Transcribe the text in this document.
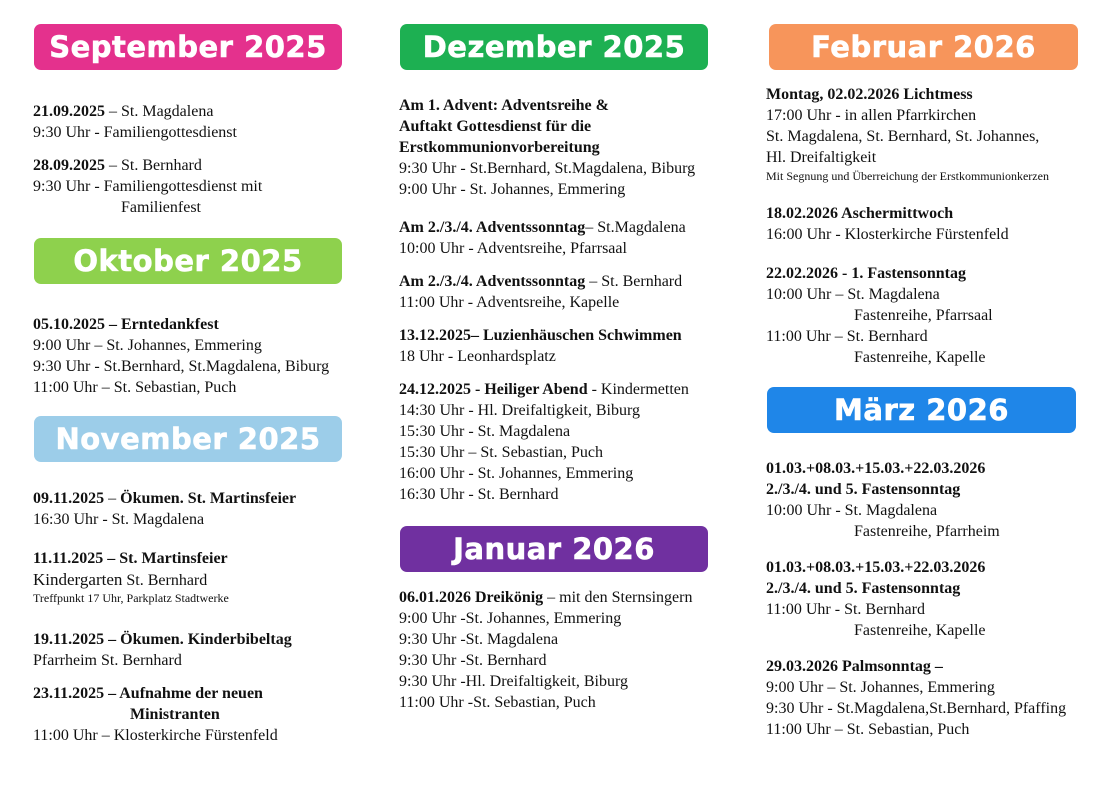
September 2025
21.09.2025 – St. Magdalena
9:30 Uhr - Familiengottesdienst
28.09.2025 – St. Bernhard
9:30 Uhr - Familiengottesdienst mit
Familienfest
Oktober 2025
05.10.2025 – Erntedankfest
9:00 Uhr – St. Johannes, Emmering
9:30 Uhr - St.Bernhard, St.Magdalena, Biburg
11:00 Uhr – St. Sebastian, Puch
November 2025
09.11.2025 – Ökumen. St. Martinsfeier
16:30 Uhr - St. Magdalena
11.11.2025 – St. Martinsfeier
Kindergarten St. Bernhard
Treffpunkt 17 Uhr, Parkplatz Stadtwerke
19.11.2025 – Ökumen. Kinderbibeltag
Pfarrheim St. Bernhard
23.11.2025 – Aufnahme der neuen
Ministranten
11:00 Uhr – Klosterkirche Fürstenfeld
Dezember 2025
Am 1. Advent: Adventsreihe &
Auftakt Gottesdienst für die
Erstkommunionvorbereitung
9:30 Uhr - St.Bernhard, St.Magdalena, Biburg
9:00 Uhr - St. Johannes, Emmering
Am 2./3./4. Adventssonntag– St.Magdalena
10:00 Uhr - Adventsreihe, Pfarrsaal
Am 2./3./4. Adventssonntag – St. Bernhard
11:00 Uhr - Adventsreihe, Kapelle
13.12.2025– Luzienhäuschen Schwimmen
18 Uhr - Leonhardsplatz
24.12.2025 - Heiliger Abend - Kindermetten
14:30 Uhr - Hl. Dreifaltigkeit, Biburg
15:30 Uhr - St. Magdalena
15:30 Uhr – St. Sebastian, Puch
16:00 Uhr - St. Johannes, Emmering
16:30 Uhr - St. Bernhard
Januar 2026
06.01.2026 Dreikönig – mit den Sternsingern
9:00 Uhr -St. Johannes, Emmering
9:30 Uhr -St. Magdalena
9:30 Uhr -St. Bernhard
9:30 Uhr -Hl. Dreifaltigkeit, Biburg
11:00 Uhr -St. Sebastian, Puch
Februar 2026
Montag, 02.02.2026 Lichtmess
17:00 Uhr - in allen Pfarrkirchen
St. Magdalena, St. Bernhard, St. Johannes,
Hl. Dreifaltigkeit
Mit Segnung und Überreichung der Erstkommunionkerzen
18.02.2026 Aschermittwoch
16:00 Uhr - Klosterkirche Fürstenfeld
22.02.2026 - 1. Fastensonntag
10:00 Uhr – St. Magdalena
Fastenreihe, Pfarrsaal
11:00 Uhr – St. Bernhard
Fastenreihe, Kapelle
März 2026
01.03.+08.03.+15.03.+22.03.2026
2./3./4. und 5. Fastensonntag
10:00 Uhr - St. Magdalena
Fastenreihe, Pfarrheim
01.03.+08.03.+15.03.+22.03.2026
2./3./4. und 5. Fastensonntag
11:00 Uhr - St. Bernhard
Fastenreihe, Kapelle
29.03.2026 Palmsonntag –
9:00 Uhr – St. Johannes, Emmering
9:30 Uhr - St.Magdalena,St.Bernhard, Pfaffing
11:00 Uhr – St. Sebastian, Puch
